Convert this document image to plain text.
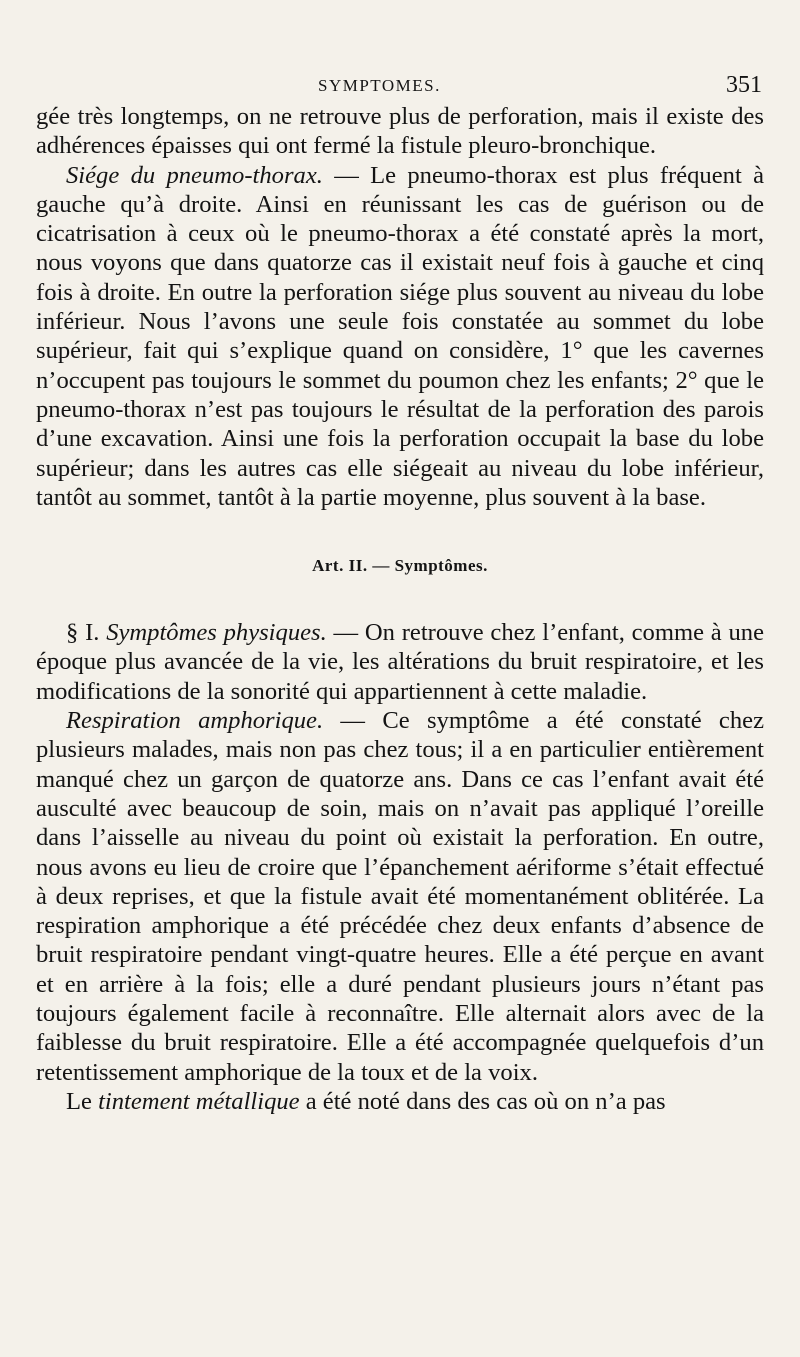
SYMPTOMES.	351

gée très longtemps, on ne retrouve plus de perforation, mais il existe des adhérences épaisses qui ont fermé la fistule pleuro-bronchique.

Siége du pneumo-thorax. — Le pneumo-thorax est plus fréquent à gauche qu’à droite. Ainsi en réunissant les cas de guérison ou de cicatrisation à ceux où le pneumo-thorax a été constaté après la mort, nous voyons que dans quatorze cas il existait neuf fois à gauche et cinq fois à droite. En outre la perforation siége plus souvent au niveau du lobe inférieur. Nous l’avons une seule fois constatée au sommet du lobe supérieur, fait qui s’explique quand on considère, 1° que les cavernes n’occupent pas toujours le sommet du poumon chez les enfants; 2° que le pneumo-thorax n’est pas toujours le résultat de la perforation des parois d’une excavation. Ainsi une fois la perforation occupait la base du lobe supérieur; dans les autres cas elle siégeait au niveau du lobe inférieur, tantôt au sommet, tantôt à la partie moyenne, plus souvent à la base.

Art. II. — Symptômes.

§ I. Symptômes physiques. — On retrouve chez l’enfant, comme à une époque plus avancée de la vie, les altérations du bruit respiratoire, et les modifications de la sonorité qui appartiennent à cette maladie.

Respiration amphorique. — Ce symptôme a été constaté chez plusieurs malades, mais non pas chez tous; il a en particulier entièrement manqué chez un garçon de quatorze ans. Dans ce cas l’enfant avait été ausculté avec beaucoup de soin, mais on n’avait pas appliqué l’oreille dans l’aisselle au niveau du point où existait la perforation. En outre, nous avons eu lieu de croire que l’épanchement aériforme s’était effectué à deux reprises, et que la fistule avait été momentanément oblitérée. La respiration amphorique a été précédée chez deux enfants d’absence de bruit respiratoire pendant vingt-quatre heures. Elle a été perçue en avant et en arrière à la fois; elle a duré pendant plusieurs jours n’étant pas toujours également facile à reconnaître. Elle alternait alors avec de la faiblesse du bruit respiratoire. Elle a été accompagnée quelquefois d’un retentissement amphorique de la toux et de la voix.

Le tintement métallique a été noté dans des cas où on n’a pas
